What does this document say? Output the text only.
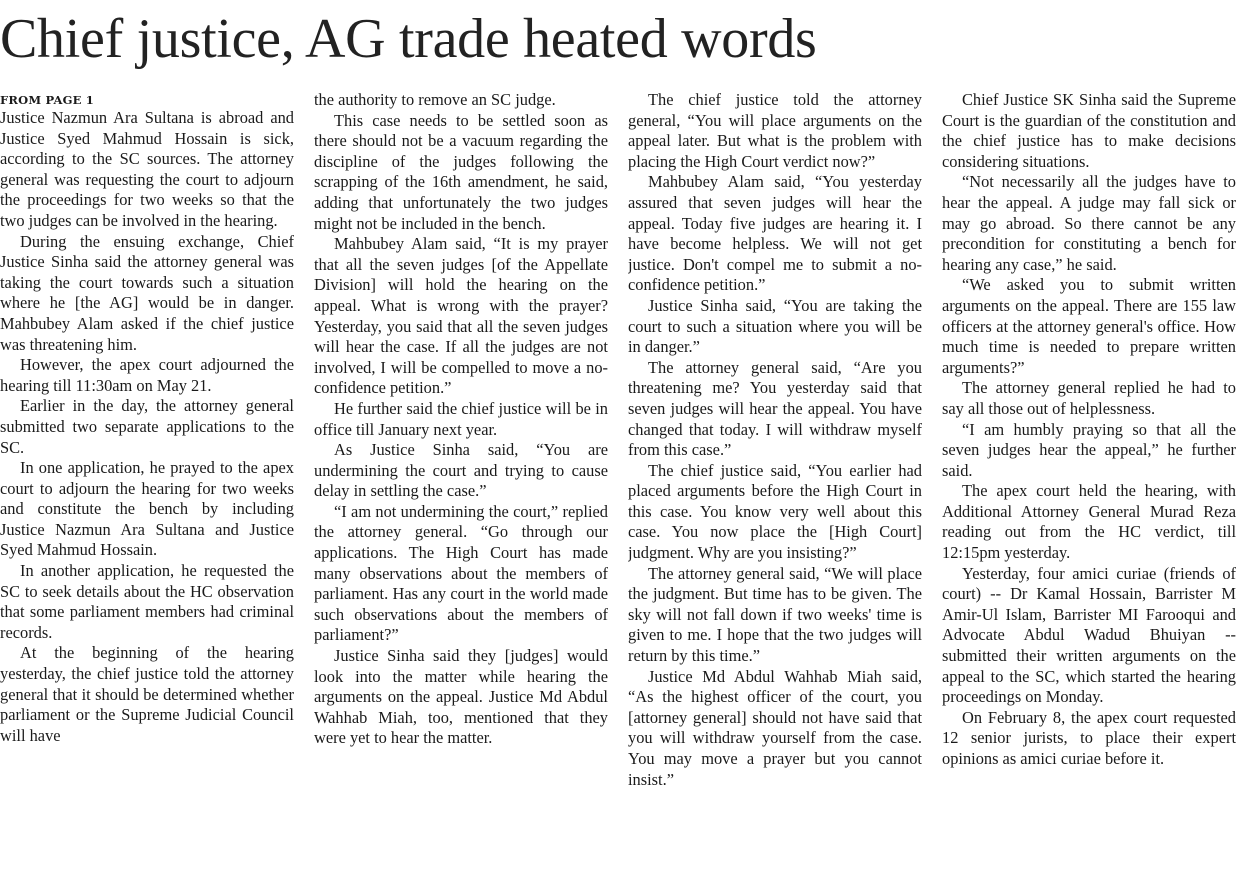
Chief justice, AG trade heated words
FROM PAGE 1

Justice Nazmun Ara Sultana is abroad and Justice Syed Mahmud Hossain is sick, according to the SC sources. The attorney general was requesting the court to adjourn the proceedings for two weeks so that the two judges can be involved in the hearing.

During the ensuing exchange, Chief Justice Sinha said the attorney general was taking the court towards such a situation where he [the AG] would be in danger. Mahbubey Alam asked if the chief justice was threatening him.

However, the apex court adjourned the hearing till 11:30am on May 21.

Earlier in the day, the attorney general submitted two separate applications to the SC.

In one application, he prayed to the apex court to adjourn the hearing for two weeks and constitute the bench by including Justice Nazmun Ara Sultana and Justice Syed Mahmud Hossain.

In another application, he requested the SC to seek details about the HC observation that some parliament members had criminal records.

At the beginning of the hearing yesterday, the chief justice told the attorney general that it should be determined whether parliament or the Supreme Judicial Council will have

the authority to remove an SC judge.

This case needs to be settled soon as there should not be a vacuum regarding the discipline of the judges following the scrapping of the 16th amendment, he said, adding that unfortunately the two judges might not be included in the bench.

Mahbubey Alam said, “It is my prayer that all the seven judges [of the Appellate Division] will hold the hearing on the appeal. What is wrong with the prayer? Yesterday, you said that all the seven judges will hear the case. If all the judges are not involved, I will be compelled to move a no-confidence petition.”

He further said the chief justice will be in office till January next year.

As Justice Sinha said, “You are undermining the court and trying to cause delay in settling the case.”

“I am not undermining the court,” replied the attorney general. “Go through our applications. The High Court has made many observations about the members of parliament. Has any court in the world made such observations about the members of parliament?”

Justice Sinha said they [judges] would look into the matter while hearing the arguments on the appeal. Justice Md Abdul Wahhab Miah, too, mentioned that they were yet to hear the matter.

The chief justice told the attorney general, “You will place arguments on the appeal later. But what is the problem with placing the High Court verdict now?”

Mahbubey Alam said, “You yesterday assured that seven judges will hear the appeal. Today five judges are hearing it. I have become helpless. We will not get justice. Don't compel me to submit a no-confidence petition.”

Justice Sinha said, “You are taking the court to such a situation where you will be in danger.”

The attorney general said, “Are you threatening me? You yesterday said that seven judges will hear the appeal. You have changed that today. I will withdraw myself from this case.”

The chief justice said, “You earlier had placed arguments before the High Court in this case. You know very well about this case. You now place the [High Court] judgment. Why are you insisting?”

The attorney general said, “We will place the judgment. But time has to be given. The sky will not fall down if two weeks' time is given to me. I hope that the two judges will return by this time.”

Justice Md Abdul Wahhab Miah said, “As the highest officer of the court, you [attorney general] should not have said that you will withdraw yourself from the case. You may move a prayer but you cannot insist.”

Chief Justice SK Sinha said the Supreme Court is the guardian of the constitution and the chief justice has to make decisions considering situations.

“Not necessarily all the judges have to hear the appeal. A judge may fall sick or may go abroad. So there cannot be any precondition for constituting a bench for hearing any case,” he said.

“We asked you to submit written arguments on the appeal. There are 155 law officers at the attorney general's office. How much time is needed to prepare written arguments?”

The attorney general replied he had to say all those out of helplessness.

“I am humbly praying so that all the seven judges hear the appeal,” he further said.

The apex court held the hearing, with Additional Attorney General Murad Reza reading out from the HC verdict, till 12:15pm yesterday.

Yesterday, four amici curiae (friends of court) -- Dr Kamal Hossain, Barrister M Amir-Ul Islam, Barrister MI Farooqui and Advocate Abdul Wadud Bhuiyan -- submitted their written arguments on the appeal to the SC, which started the hearing proceedings on Monday.

On February 8, the apex court requested 12 senior jurists, to place their expert opinions as amici curiae before it.
